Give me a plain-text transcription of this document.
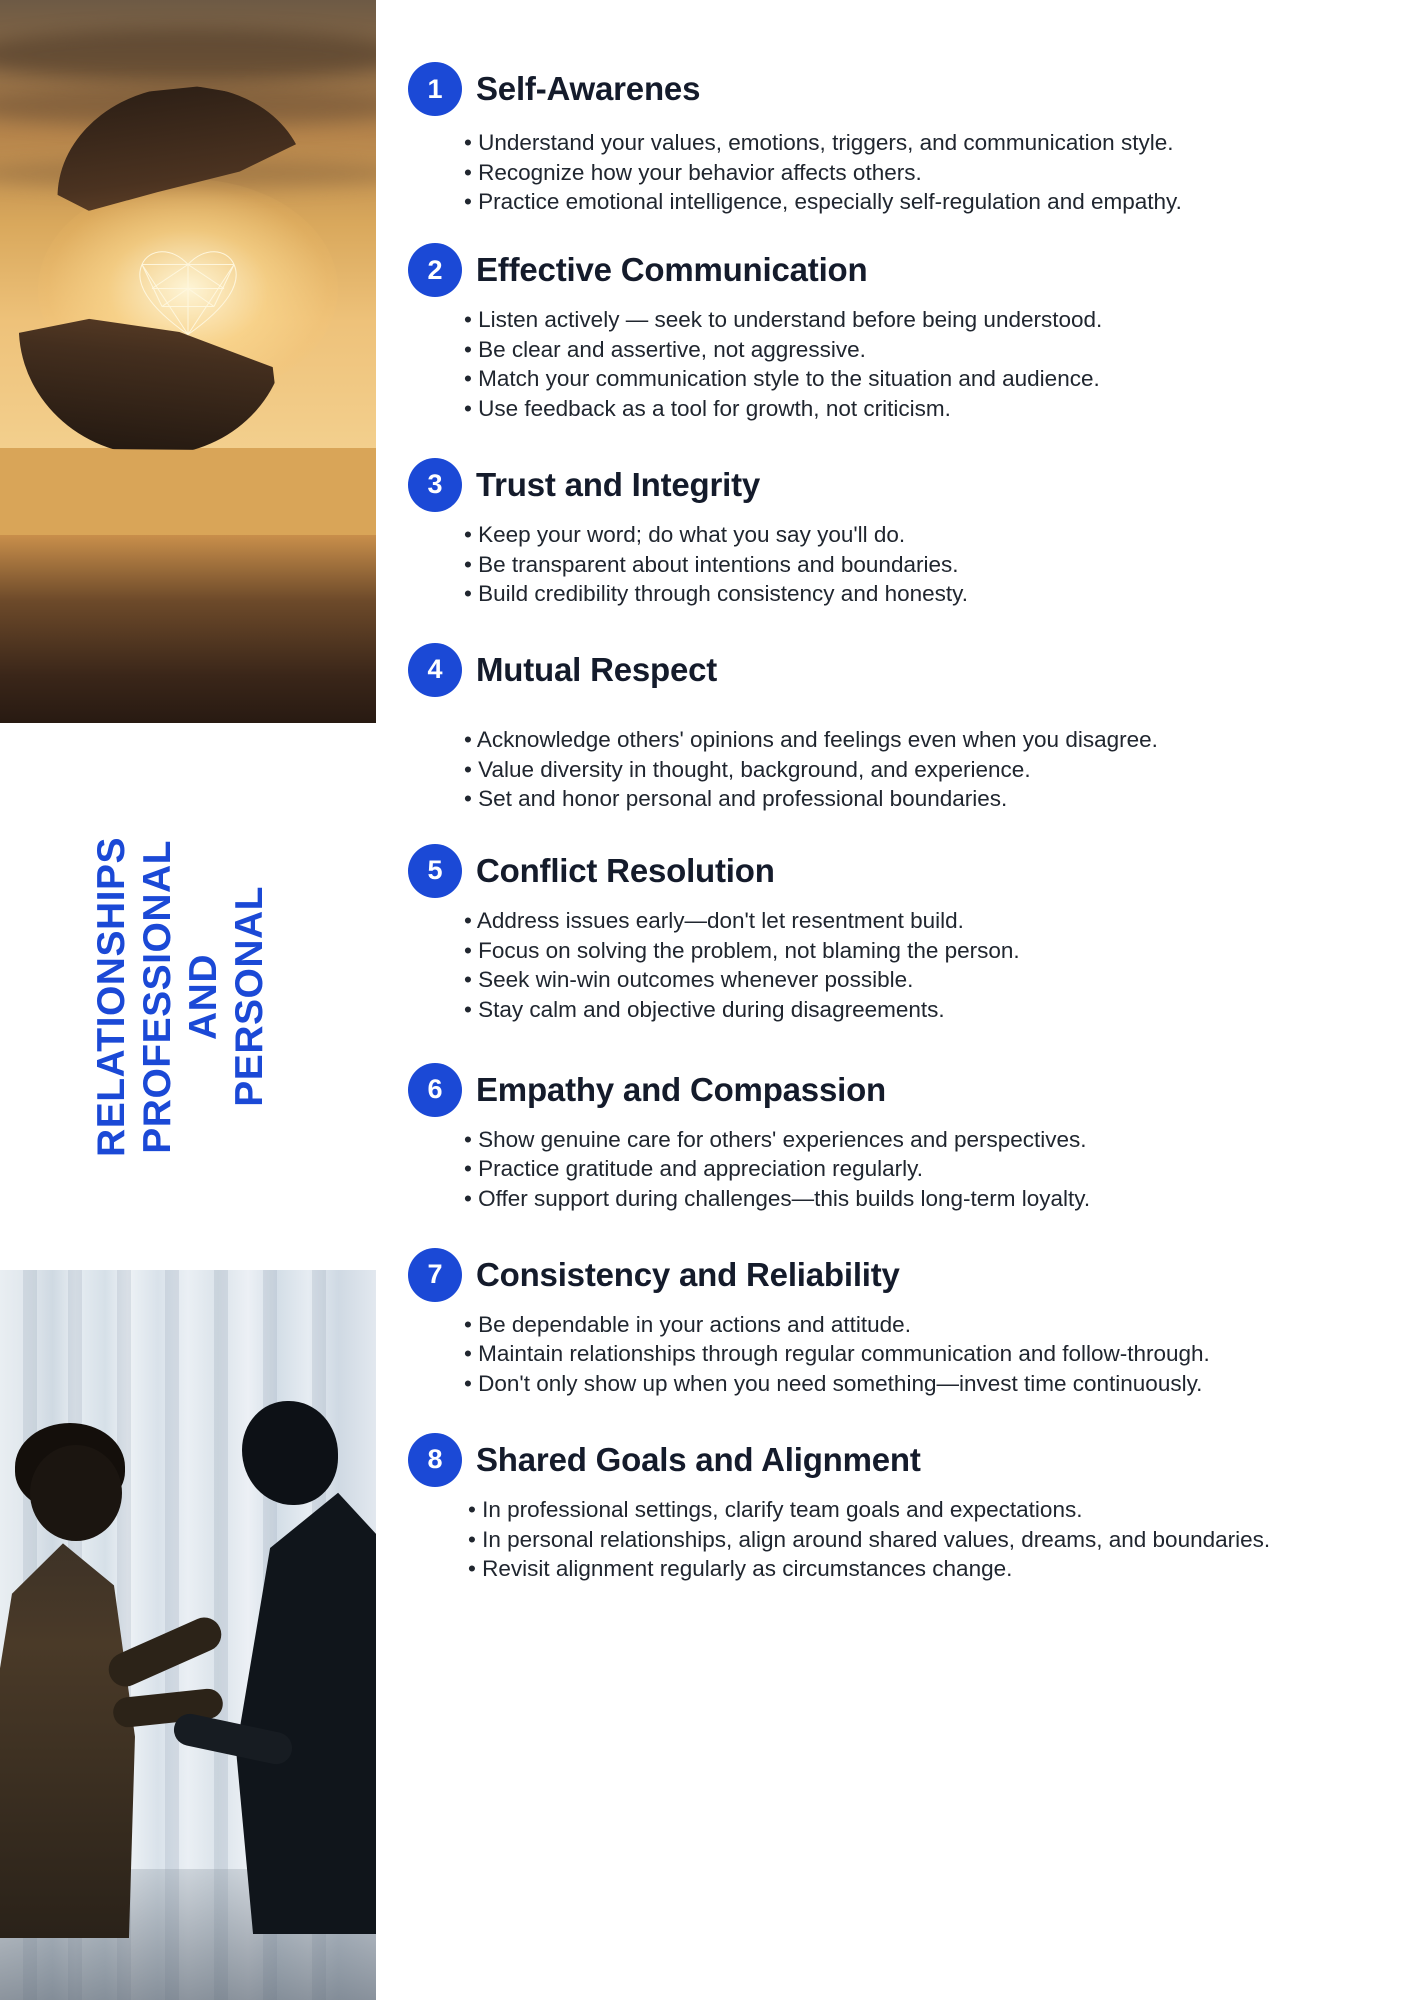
PERSONAL
AND
PROFESSIONAL
RELATIONSHIPS
1	Self-Awarenes
• Understand your values, emotions, triggers, and communication style.
• Recognize how your behavior affects others.
• Practice emotional intelligence, especially self-regulation and empathy.
2	Effective Communication
• Listen actively — seek to understand before being understood.
• Be clear and assertive, not aggressive.
• Match your communication style to the situation and audience.
• Use feedback as a tool for growth, not criticism.
3	Trust and Integrity
• Keep your word; do what you say you'll do.
• Be transparent about intentions and boundaries.
• Build credibility through consistency and honesty.
4	Mutual Respect
• Acknowledge others' opinions and feelings even when you disagree.
• Value diversity in thought, background, and experience.
• Set and honor personal and professional boundaries.
5	Conflict Resolution
• Address issues early—don't let resentment build.
• Focus on solving the problem, not blaming the person.
• Seek win-win outcomes whenever possible.
• Stay calm and objective during disagreements.
6	Empathy and Compassion
• Show genuine care for others' experiences and perspectives.
• Practice gratitude and appreciation regularly.
• Offer support during challenges—this builds long-term loyalty.
7	Consistency and Reliability
• Be dependable in your actions and attitude.
• Maintain relationships through regular communication and follow-through.
• Don't only show up when you need something—invest time continuously.
8	Shared Goals and Alignment
• In professional settings, clarify team goals and expectations.
• In personal relationships, align around shared values, dreams, and boundaries.
• Revisit alignment regularly as circumstances change.
